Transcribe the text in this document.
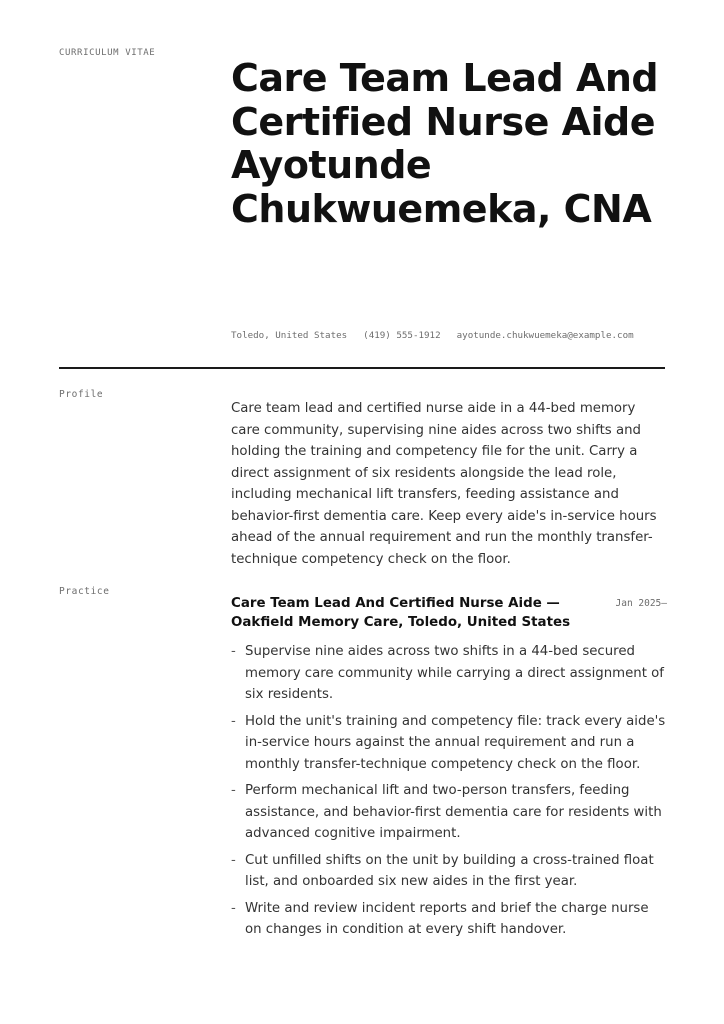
CURRICULUM VITAE
Care Team Lead And Certified Nurse Aide Ayotunde Chukwuemeka, CNA
Toledo, United States (419) 555-1912 ayotunde.chukwuemeka@example.com
Profile

Care team lead and certified nurse aide in a 44-bed memory care community, supervising nine aides across two shifts and holding the training and competency file for the unit. Carry a direct assignment of six residents alongside the lead role, including mechanical lift transfers, feeding assistance and behavior-first dementia care. Keep every aide's in-service hours ahead of the annual requirement and run the monthly transfer-technique competency check on the floor.

Practice
Care Team Lead And Certified Nurse Aide — Oakfield Memory Care, Toledo, United States
Jan 2025—
- Supervise nine aides across two shifts in a 44-bed secured memory care community while carrying a direct assignment of six residents.
- Hold the unit's training and competency file: track every aide's in-service hours against the annual requirement and run a monthly transfer-technique competency check on the floor.
- Perform mechanical lift and two-person transfers, feeding assistance, and behavior-first dementia care for residents with advanced cognitive impairment.
- Cut unfilled shifts on the unit by building a cross-trained float list, and onboarded six new aides in the first year.
- Write and review incident reports and brief the charge nurse on changes in condition at every shift handover.
